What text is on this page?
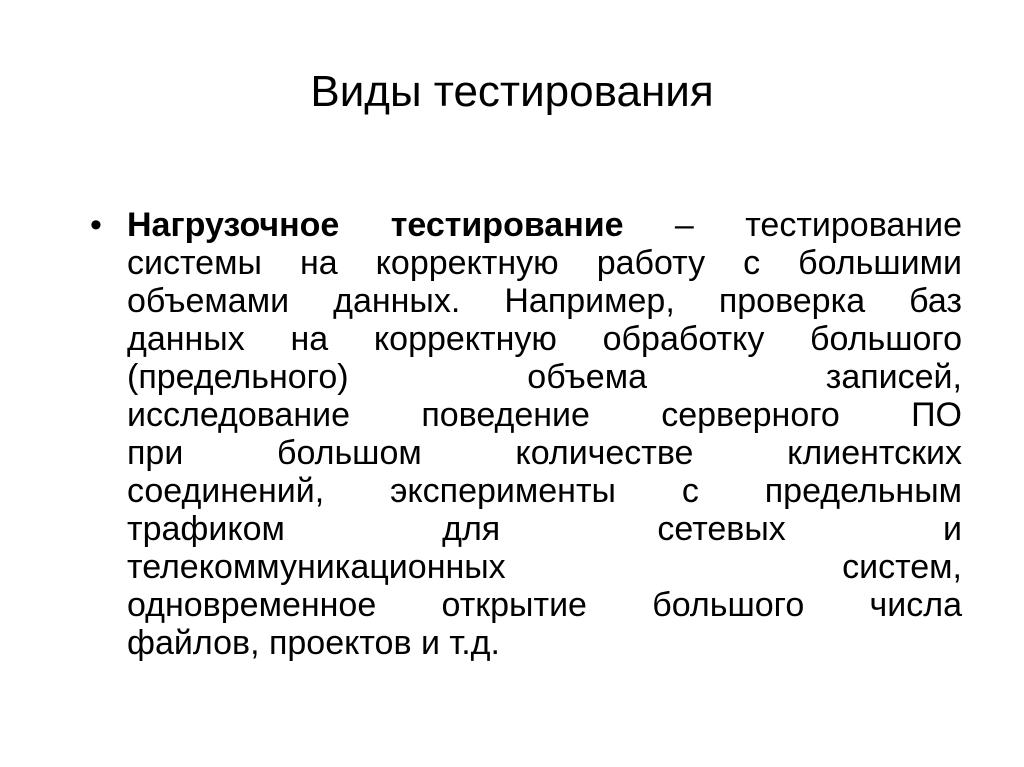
Виды тестирования
• Нагрузочное тестирование – тестирование
системы на корректную работу с большими
объемами данных. Например, проверка баз
данных на корректную обработку большого
(предельного) объема записей,
исследование поведение серверного ПО
при большом количестве клиентских
соединений, эксперименты с предельным
трафиком для сетевых и
телекоммуникационных систем,
одновременное открытие большого числа
файлов, проектов и т.д.
